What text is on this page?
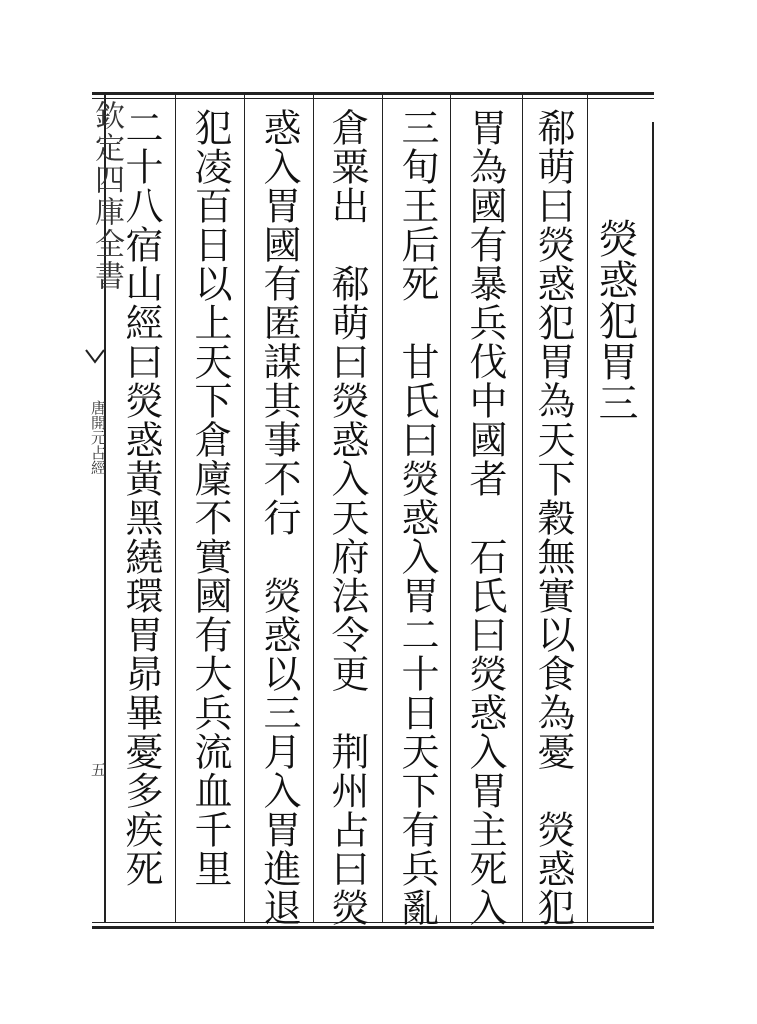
欽定四庫全書
唐開元占經
五
熒惑犯胃三
郗萌曰熒惑犯胃為天下穀無實以食為憂　熒惑犯
胃為國有暴兵伐中國者　石氏曰熒惑入胃主死入
三旬王后死　甘氏曰熒惑入胃二十日天下有兵亂
倉粟出　郗萌曰熒惑入天府法令更　荆州占曰熒
惑入胃國有匿謀其事不行　熒惑以三月入胃進退
犯凌百日以上天下倉廩不實國有大兵流血千里
二十八宿山經曰熒惑黃黑繞環胃昴畢憂多疾死
